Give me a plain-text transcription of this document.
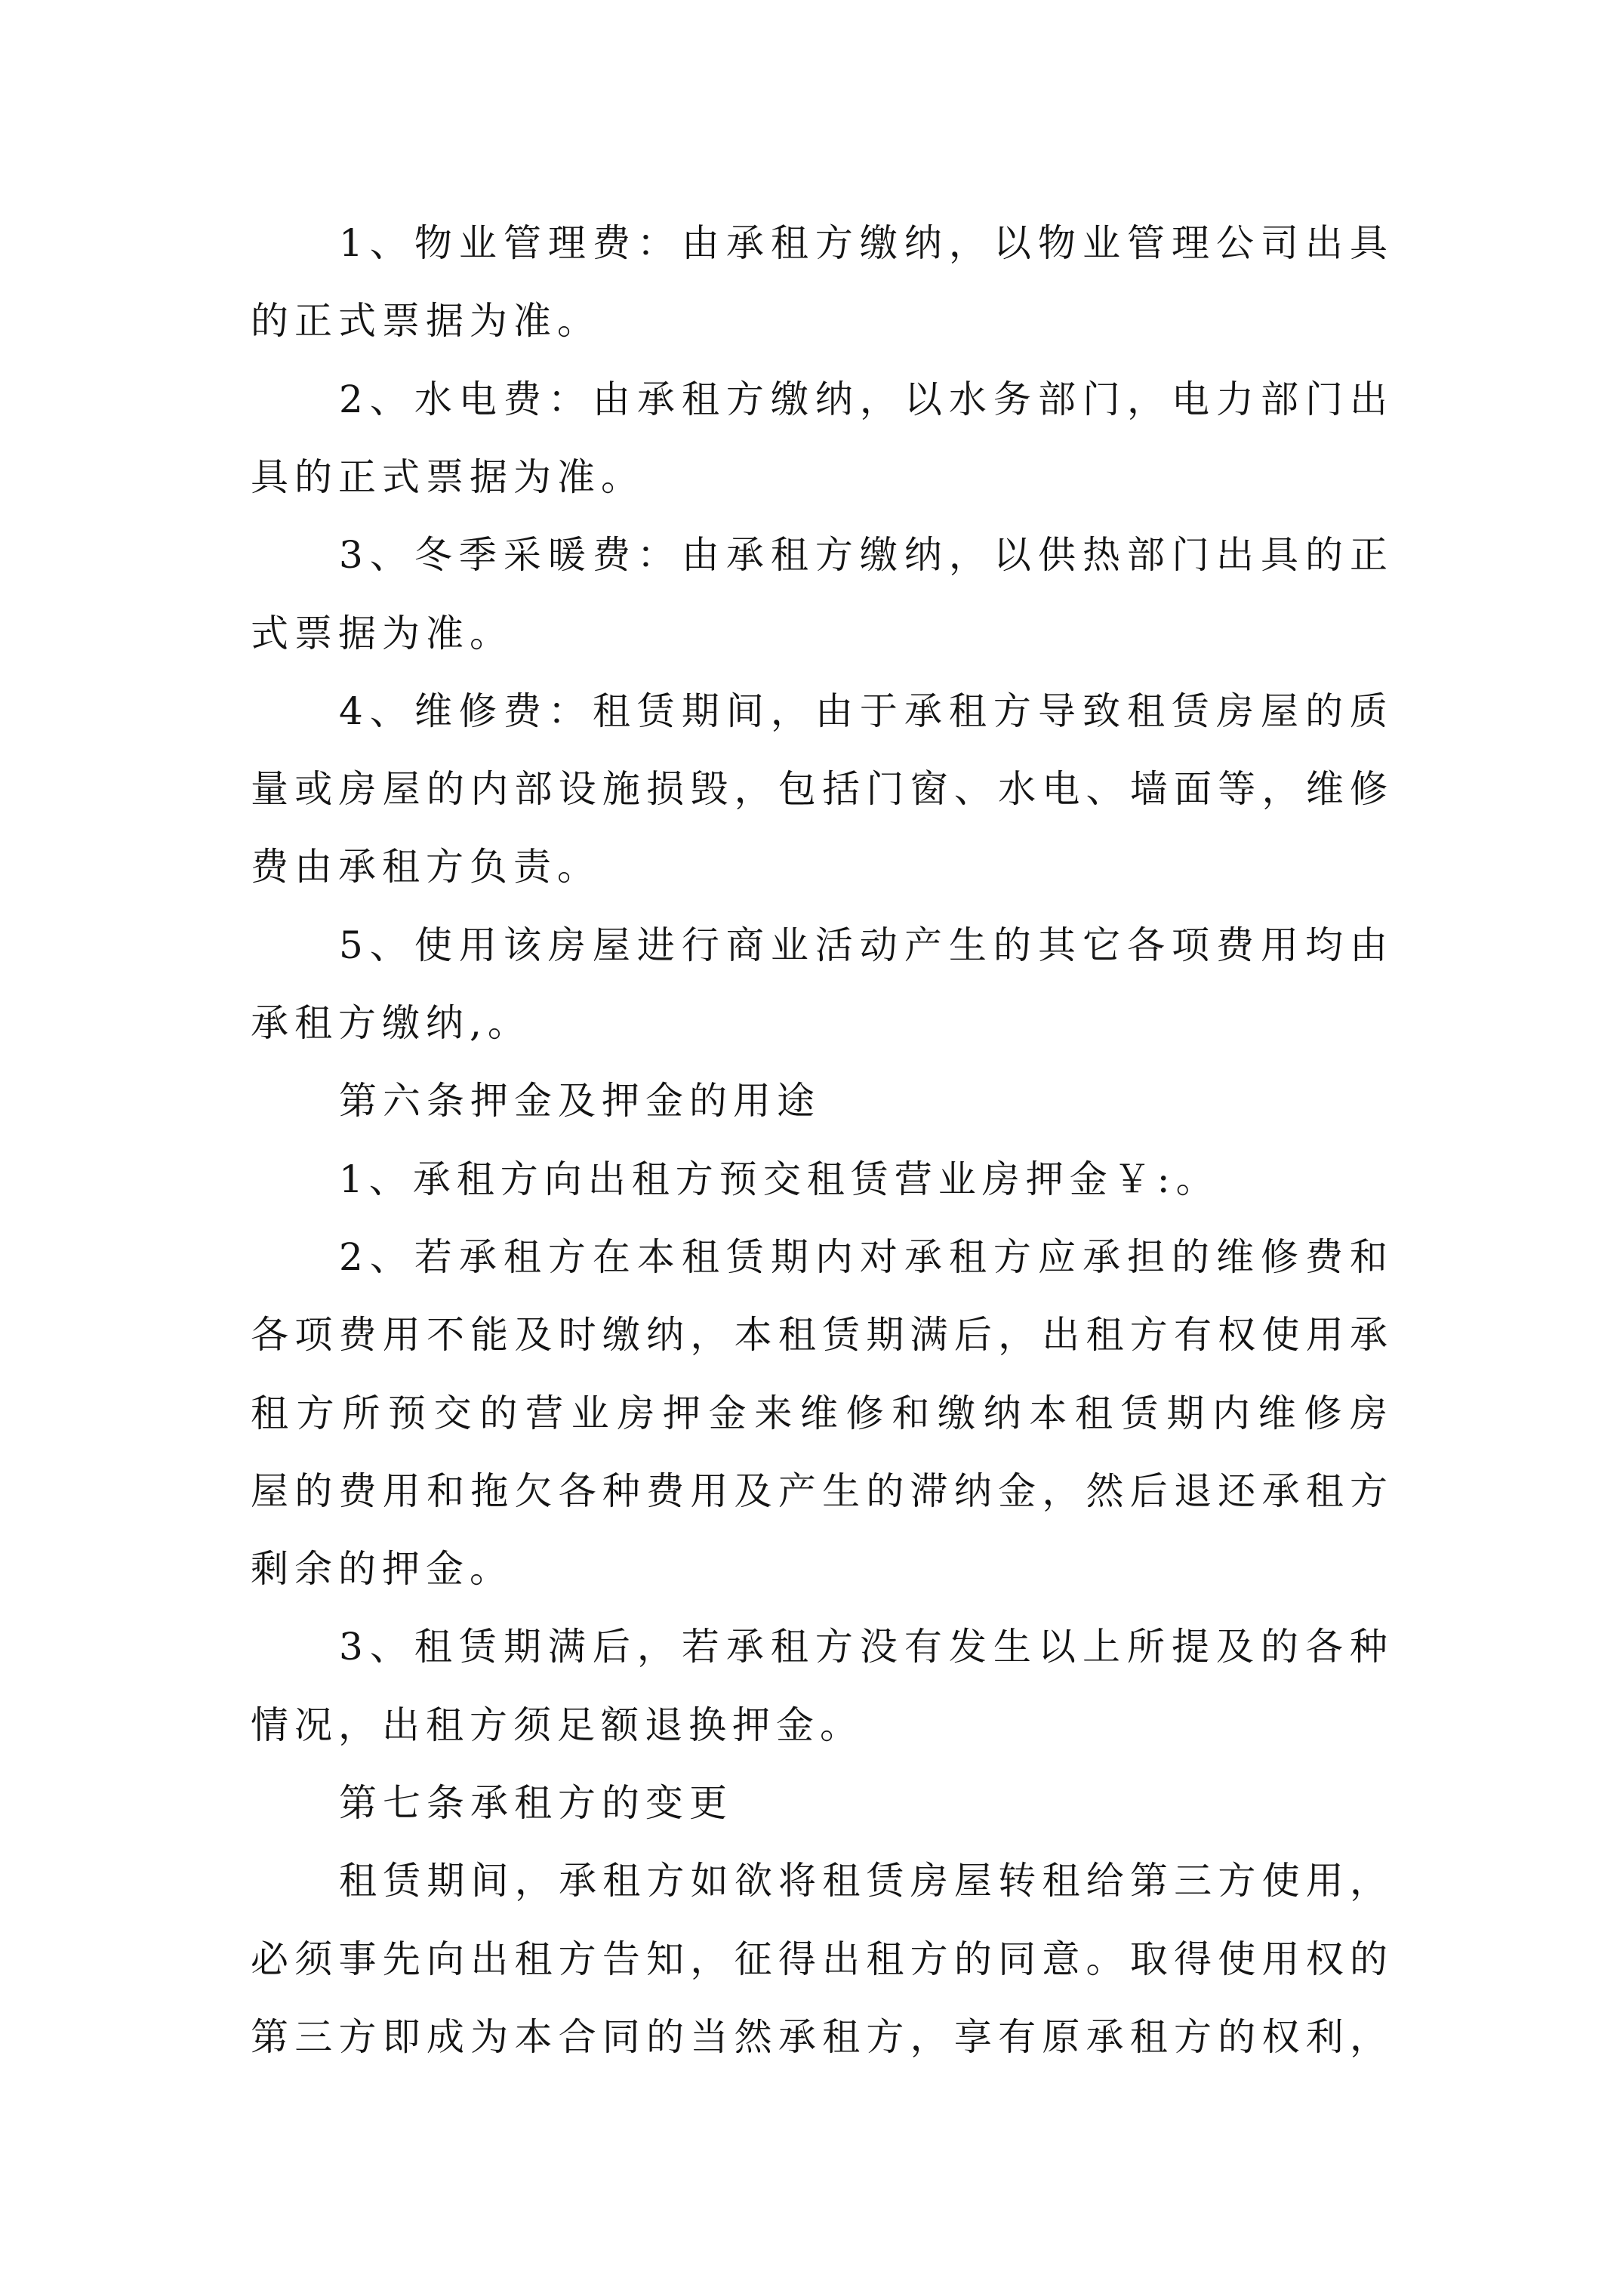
1、物业管理费：由承租方缴纳，以物业管理公司出具
的正式票据为准。
2、水电费：由承租方缴纳，以水务部门，电力部门出
具的正式票据为准。
3、冬季采暖费：由承租方缴纳，以供热部门出具的正
式票据为准。
4、维修费：租赁期间，由于承租方导致租赁房屋的质
量或房屋的内部设施损毁，包括门窗、水电、墙面等，维修
费由承租方负责。
5、使用该房屋进行商业活动产生的其它各项费用均由
承租方缴纳,。
第六条押金及押金的用途
1、承租方向出租方预交租赁营业房押金￥:。
2、若承租方在本租赁期内对承租方应承担的维修费和
各项费用不能及时缴纳，本租赁期满后，出租方有权使用承
租方所预交的营业房押金来维修和缴纳本租赁期内维修房
屋的费用和拖欠各种费用及产生的滞纳金，然后退还承租方
剩余的押金。
3、租赁期满后，若承租方没有发生以上所提及的各种
情况，出租方须足额退换押金。
第七条承租方的变更
租赁期间，承租方如欲将租赁房屋转租给第三方使用，
必须事先向出租方告知，征得出租方的同意。取得使用权的
第三方即成为本合同的当然承租方，享有原承租方的权利，
